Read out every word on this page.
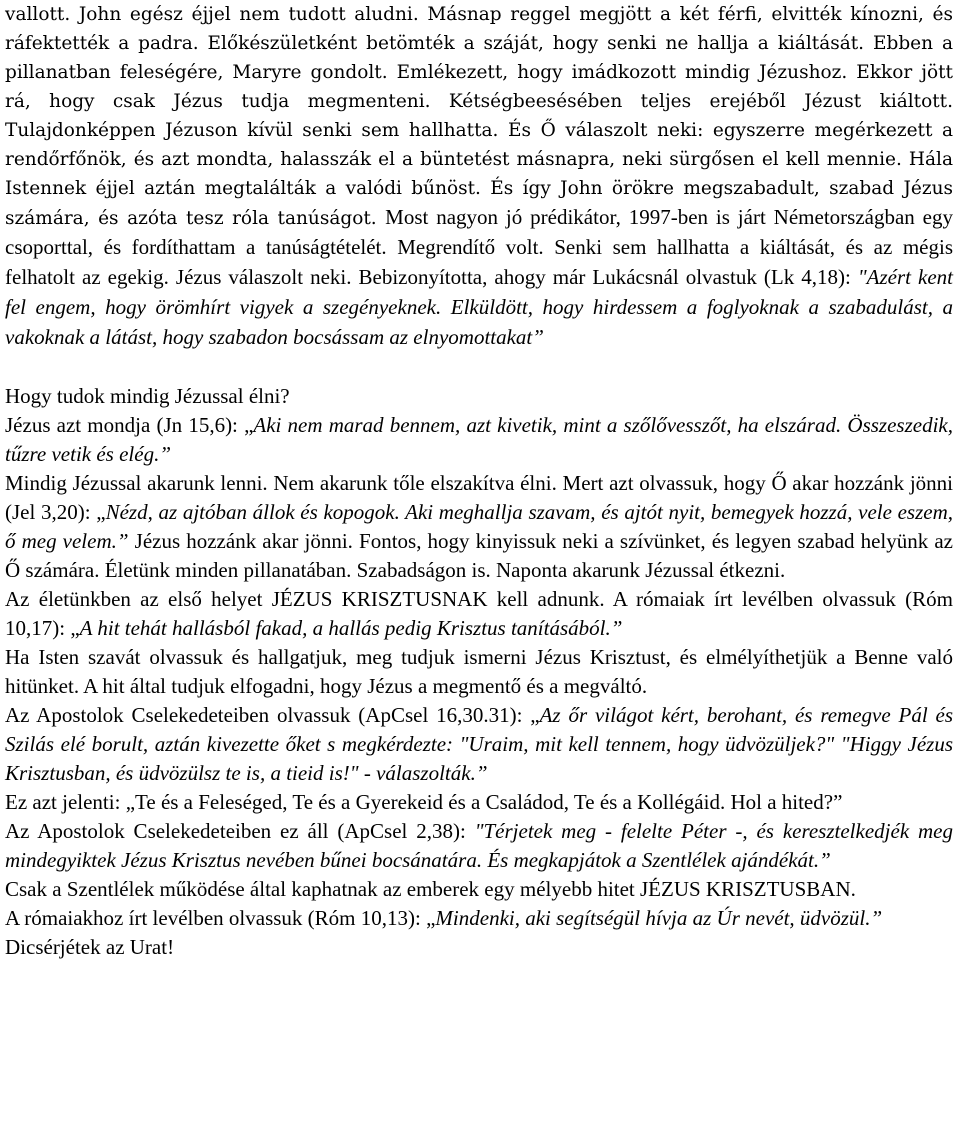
vallott. John egész éjjel nem tudott aludni. Másnap reggel megjött a két férfi, elvitték kínozni, és ráfektették a padra. Előkészületként betömték a száját, hogy senki ne hallja a kiáltását. Ebben a pillanatban feleségére, Maryre gondolt. Emlékezett, hogy imádkozott mindig Jézushoz. Ekkor jött rá, hogy csak Jézus tudja megmenteni. Kétségbeesésében teljes erejéből Jézust kiáltott. Tulajdonképpen Jézuson kívül senki sem hallhatta. És Ő válaszolt neki: egyszerre megérkezett a rendőrfőnök, és azt mondta, halasszák el a büntetést másnapra, neki sürgősen el kell mennie. Hála Istennek éjjel aztán megtalálták a valódi bűnöst. És így John örökre megszabadult, szabad Jézus számára, és azóta tesz róla tanúságot. Most nagyon jó prédikátor, 1997-ben is járt Németországban egy csoporttal, és fordíthattam a tanúságtételét. Megrendítő volt. Senki sem hallhatta a kiáltását, és az mégis felhatolt az egekig. Jézus válaszolt neki. Bebizonyította, ahogy már Lukácsnál olvastuk (Lk 4,18): "Azért kent fel engem, hogy örömhírt vigyek a szegényeknek. Elküldött, hogy hirdessem a foglyoknak a szabadulást, a vakoknak a látást, hogy szabadon bocsássam az elnyomottakat”

Hogy tudok mindig Jézussal élni?

Jézus azt mondja (Jn 15,6): „Aki nem marad bennem, azt kivetik, mint a szőlővesszőt, ha elszárad. Összeszedik, tűzre vetik és elég.”

Mindig Jézussal akarunk lenni. Nem akarunk tőle elszakítva élni. Mert azt olvassuk, hogy Ő akar hozzánk jönni (Jel 3,20): „Nézd, az ajtóban állok és kopogok. Aki meghallja szavam, és ajtót nyit, bemegyek hozzá, vele eszem, ő meg velem.” Jézus hozzánk akar jönni. Fontos, hogy kinyissuk neki a szívünket, és legyen szabad helyünk az Ő számára. Életünk minden pillanatában. Szabadságon is. Naponta akarunk Jézussal étkezni.

Az életünkben az első helyet JÉZUS KRISZTUSNAK kell adnunk. A rómaiak írt levélben olvassuk (Róm 10,17): „A hit tehát hallásból fakad, a hallás pedig Krisztus tanításából.”

Ha Isten szavát olvassuk és hallgatjuk, meg tudjuk ismerni Jézus Krisztust, és elmélyíthetjük a Benne való hitünket. A hit által tudjuk elfogadni, hogy Jézus a megmentő és a megváltó.

Az Apostolok Cselekedeteiben olvassuk (ApCsel 16,30.31): „Az őr világot kért, berohant, és remegve Pál és Szilás elé borult, aztán kivezette őket s megkérdezte: "Uraim, mit kell tennem, hogy üdvözüljek?" "Higgy Jézus Krisztusban, és üdvözülsz te is, a tieid is!" - válaszolták.”

Ez azt jelenti: „Te és a Feleséged, Te és a Gyerekeid és a Családod, Te és a Kollégáid. Hol a hited?”

Az Apostolok Cselekedeteiben ez áll (ApCsel 2,38): "Térjetek meg - felelte Péter -, és keresztelkedjék meg mindegyiktek Jézus Krisztus nevében bűnei bocsánatára. És megkapjátok a Szentlélek ajándékát.”

Csak a Szentlélek működése által kaphatnak az emberek egy mélyebb hitet JÉZUS KRISZTUSBAN.

A rómaiakhoz írt levélben olvassuk (Róm 10,13): „Mindenki, aki segítségül hívja az Úr nevét, üdvözül.”

Dicsérjétek az Urat!
